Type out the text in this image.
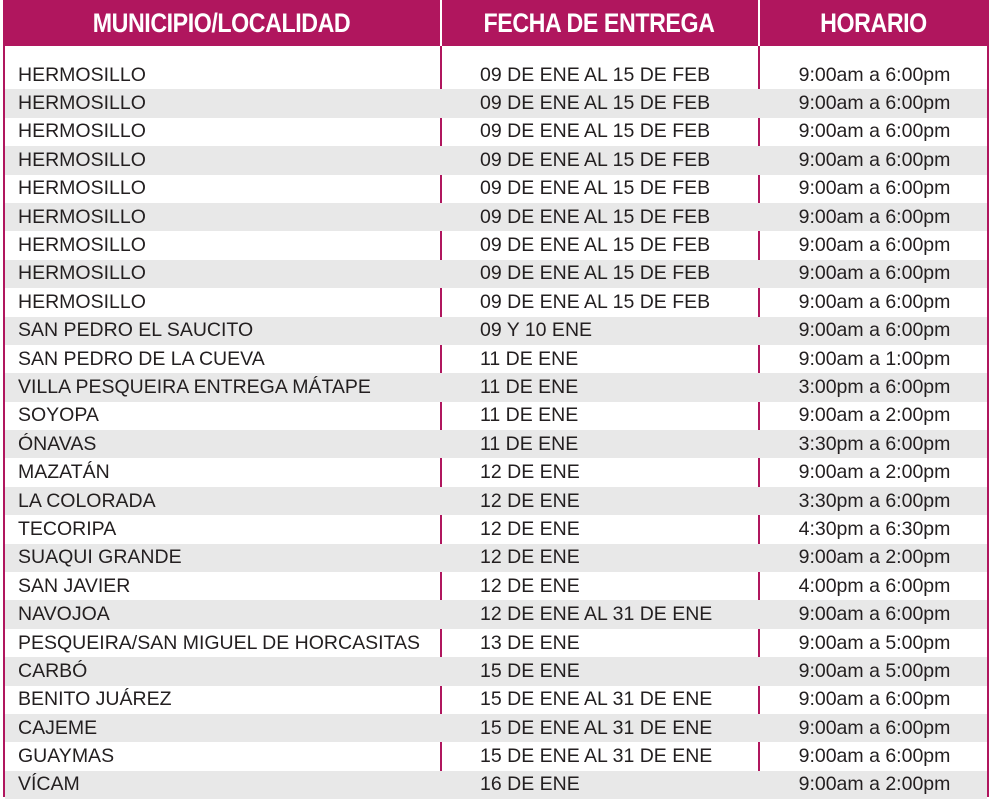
MUNICIPIO/LOCALIDAD	FECHA DE ENTREGA	HORARIO
HERMOSILLO	09 DE ENE AL 15 DE FEB	9:00am a 6:00pm
HERMOSILLO	09 DE ENE AL 15 DE FEB	9:00am a 6:00pm
HERMOSILLO	09 DE ENE AL 15 DE FEB	9:00am a 6:00pm
HERMOSILLO	09 DE ENE AL 15 DE FEB	9:00am a 6:00pm
HERMOSILLO	09 DE ENE AL 15 DE FEB	9:00am a 6:00pm
HERMOSILLO	09 DE ENE AL 15 DE FEB	9:00am a 6:00pm
HERMOSILLO	09 DE ENE AL 15 DE FEB	9:00am a 6:00pm
HERMOSILLO	09 DE ENE AL 15 DE FEB	9:00am a 6:00pm
HERMOSILLO	09 DE ENE AL 15 DE FEB	9:00am a 6:00pm
SAN PEDRO EL SAUCITO	09 Y 10 ENE	9:00am a 6:00pm
SAN PEDRO DE LA CUEVA	11 DE ENE	9:00am a 1:00pm
VILLA PESQUEIRA ENTREGA MÁTAPE	11 DE ENE	3:00pm a 6:00pm
SOYOPA	11 DE ENE	9:00am a 2:00pm
ÓNAVAS	11 DE ENE	3:30pm a 6:00pm
MAZATÁN	12 DE ENE	9:00am a 2:00pm
LA COLORADA	12 DE ENE	3:30pm a 6:00pm
TECORIPA	12 DE ENE	4:30pm a 6:30pm
SUAQUI GRANDE	12 DE ENE	9:00am a 2:00pm
SAN JAVIER	12 DE ENE	4:00pm a 6:00pm
NAVOJOA	12 DE ENE AL 31 DE ENE	9:00am a 6:00pm
PESQUEIRA/SAN MIGUEL DE HORCASITAS	13 DE ENE	9:00am a 5:00pm
CARBÓ	15 DE ENE	9:00am a 5:00pm
BENITO JUÁREZ	15 DE ENE AL 31 DE ENE	9:00am a 6:00pm
CAJEME	15 DE ENE AL 31 DE ENE	9:00am a 6:00pm
GUAYMAS	15 DE ENE AL 31 DE ENE	9:00am a 6:00pm
VÍCAM	16 DE ENE	9:00am a 2:00pm
